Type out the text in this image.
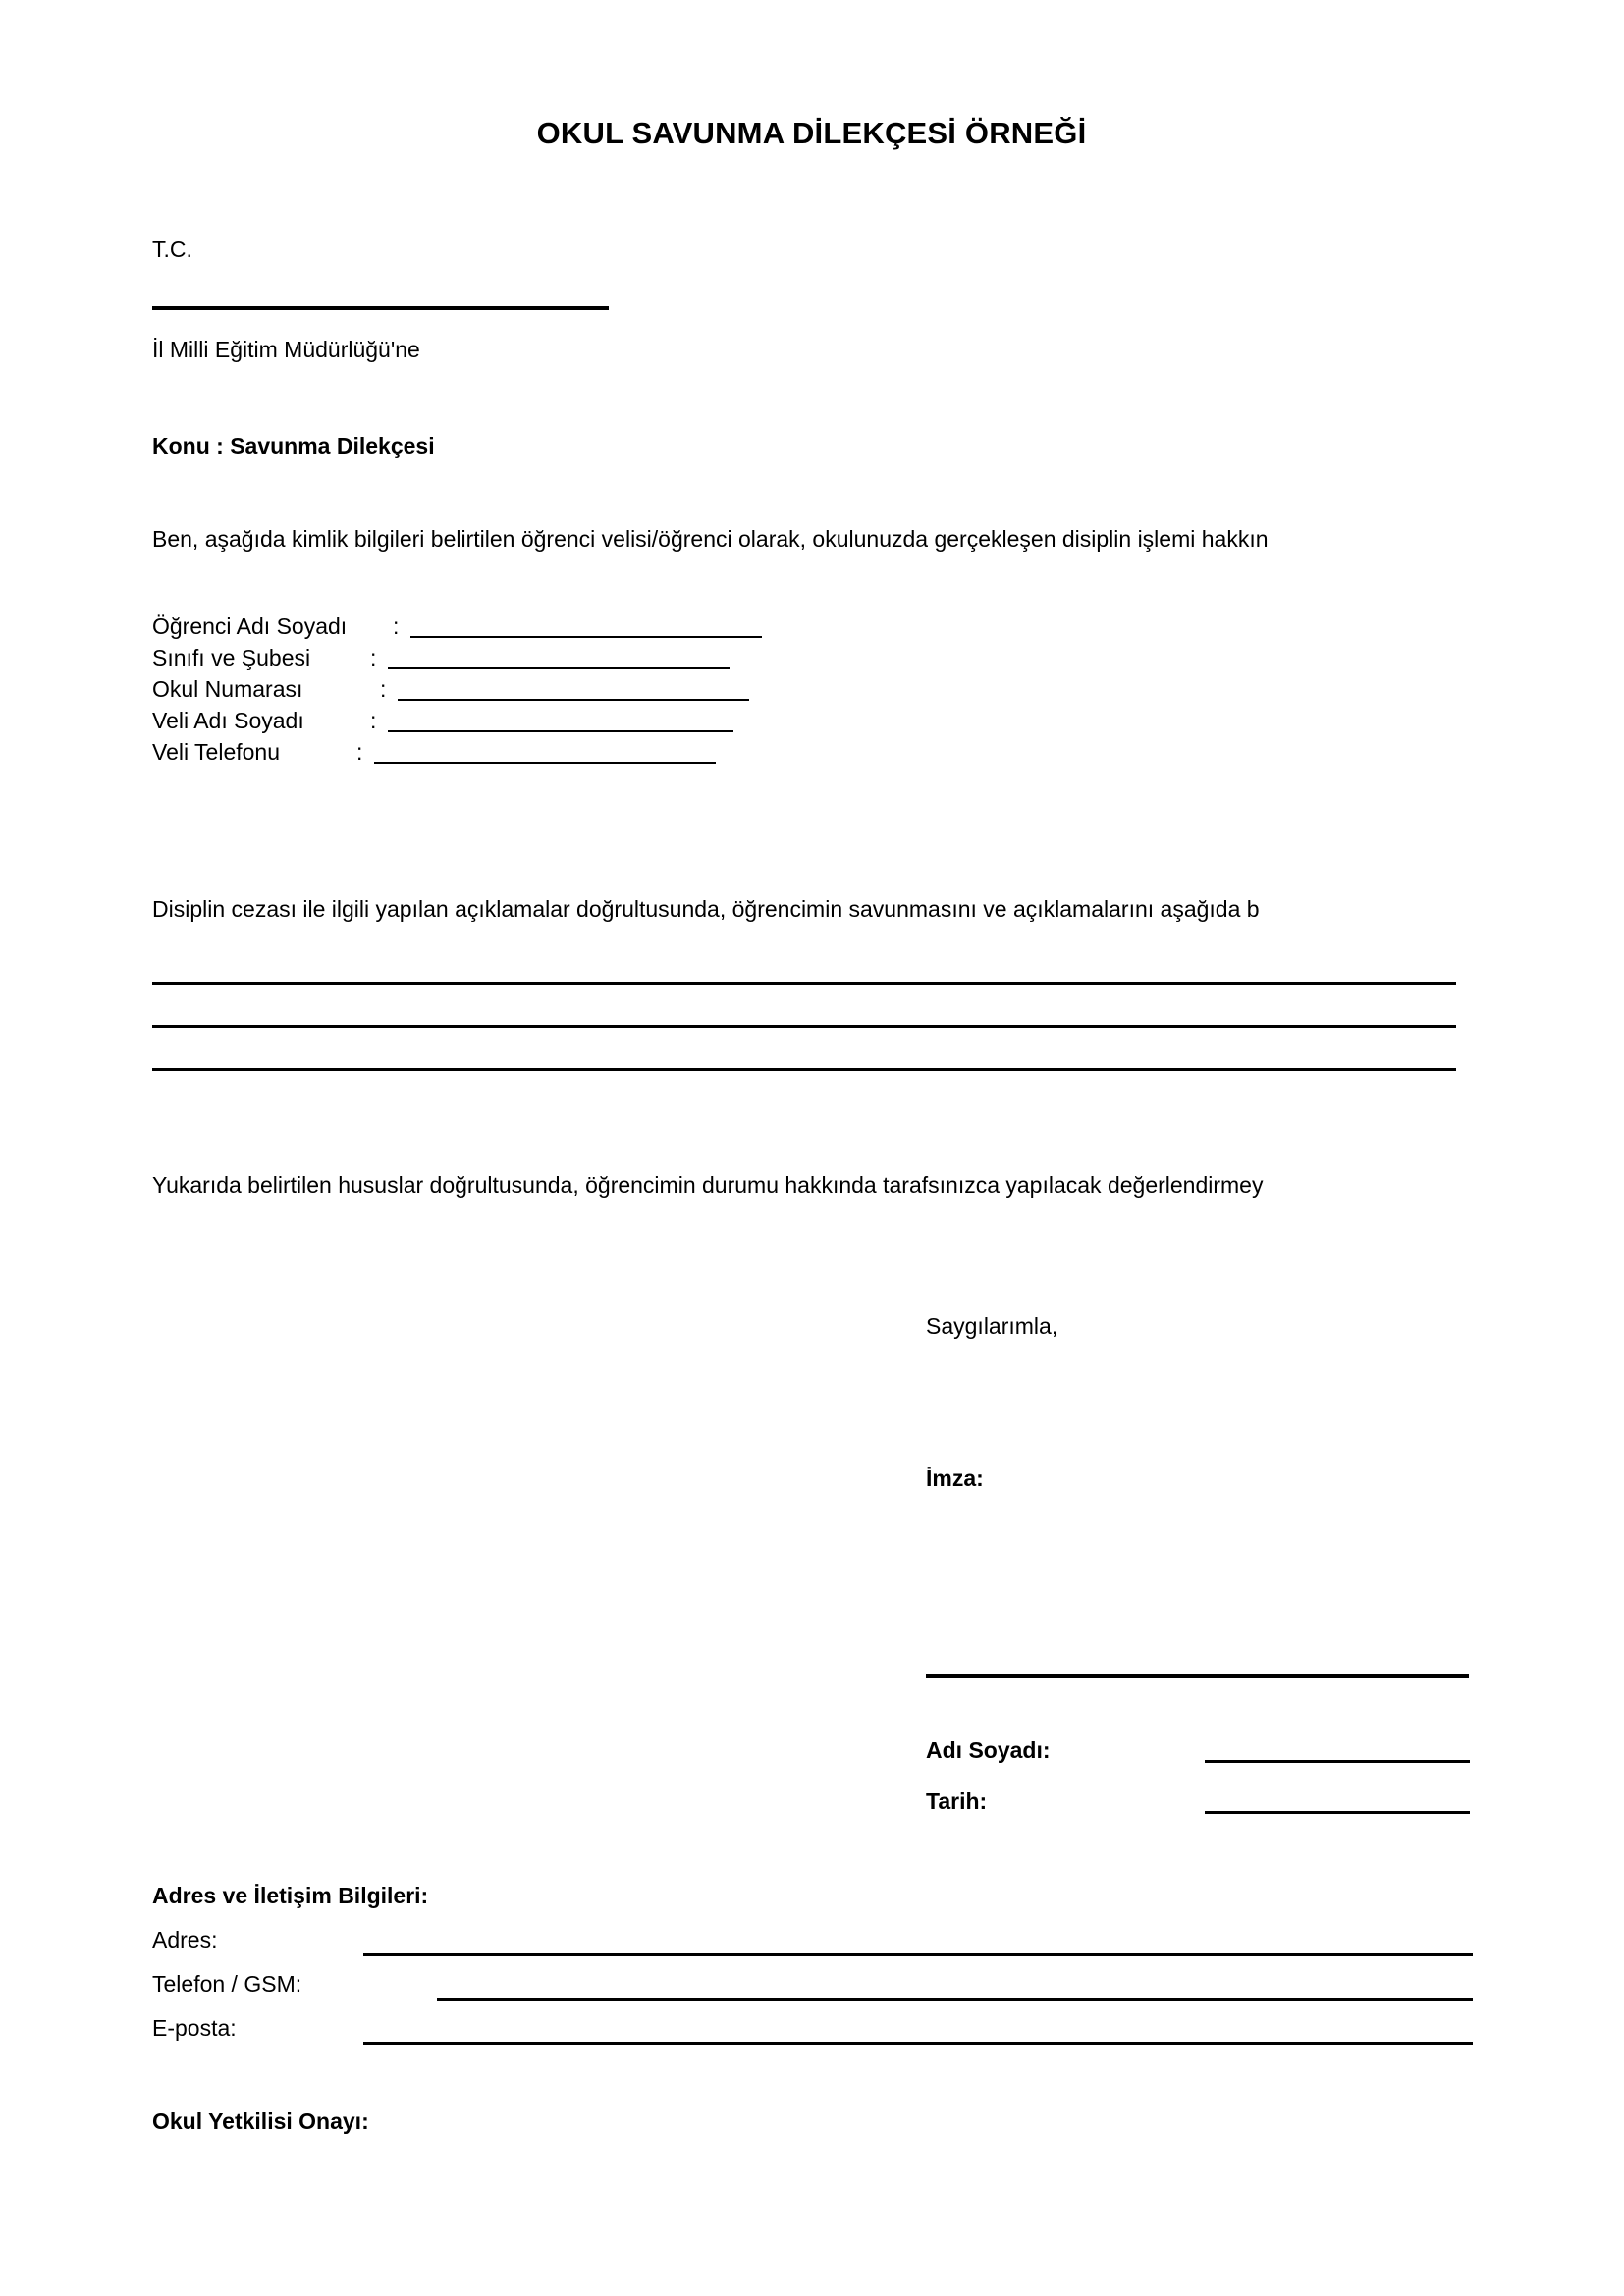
OKUL SAVUNMA DİLEKÇESİ ÖRNEĞİ
T.C.
İl Milli Eğitim Müdürlüğü'ne
Konu : Savunma Dilekçesi
Ben, aşağıda kimlik bilgileri belirtilen öğrenci velisi/öğrenci olarak, okulunuzda gerçekleşen disiplin işlemi hakkın
Öğrenci Adı Soyadı :
Sınıfı ve Şubesi	:
Okul Numarası	:
Veli Adı Soyadı	:
Veli Telefonu	:
Disiplin cezası ile ilgili yapılan açıklamalar doğrultusunda, öğrencimin savunmasını ve açıklamalarını aşağıda b
Yukarıda belirtilen hususlar doğrultusunda, öğrencimin durumu hakkında tarafsınızca yapılacak değerlendirmey
Saygılarımla,
İmza:
Adı Soyadı:
Tarih:
Adres ve İletişim Bilgileri:
Adres:
Telefon / GSM:
E-posta:
Okul Yetkilisi Onayı:
